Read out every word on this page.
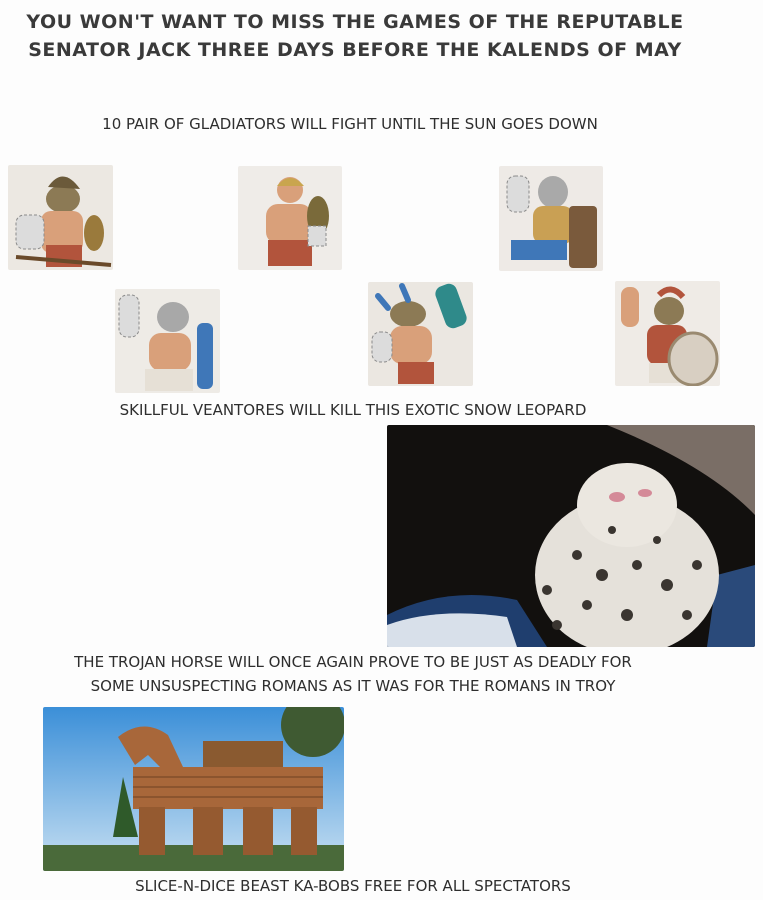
YOU WON'T WANT TO MISS THE GAMES OF THE REPUTABLE
SENATOR JACK THREE DAYS BEFORE THE KALENDS OF MAY
10 PAIR OF GLADIATORS WILL FIGHT UNTIL THE SUN GOES DOWN
SKILLFUL VEANTORES WILL KILL THIS EXOTIC SNOW LEOPARD
THE TROJAN HORSE WILL ONCE AGAIN PROVE TO BE JUST AS DEADLY FOR
SOME UNSUSPECTING ROMANS AS IT WAS FOR THE ROMANS IN TROY
SLICE-N-DICE BEAST KA-BOBS FREE FOR ALL SPECTATORS
